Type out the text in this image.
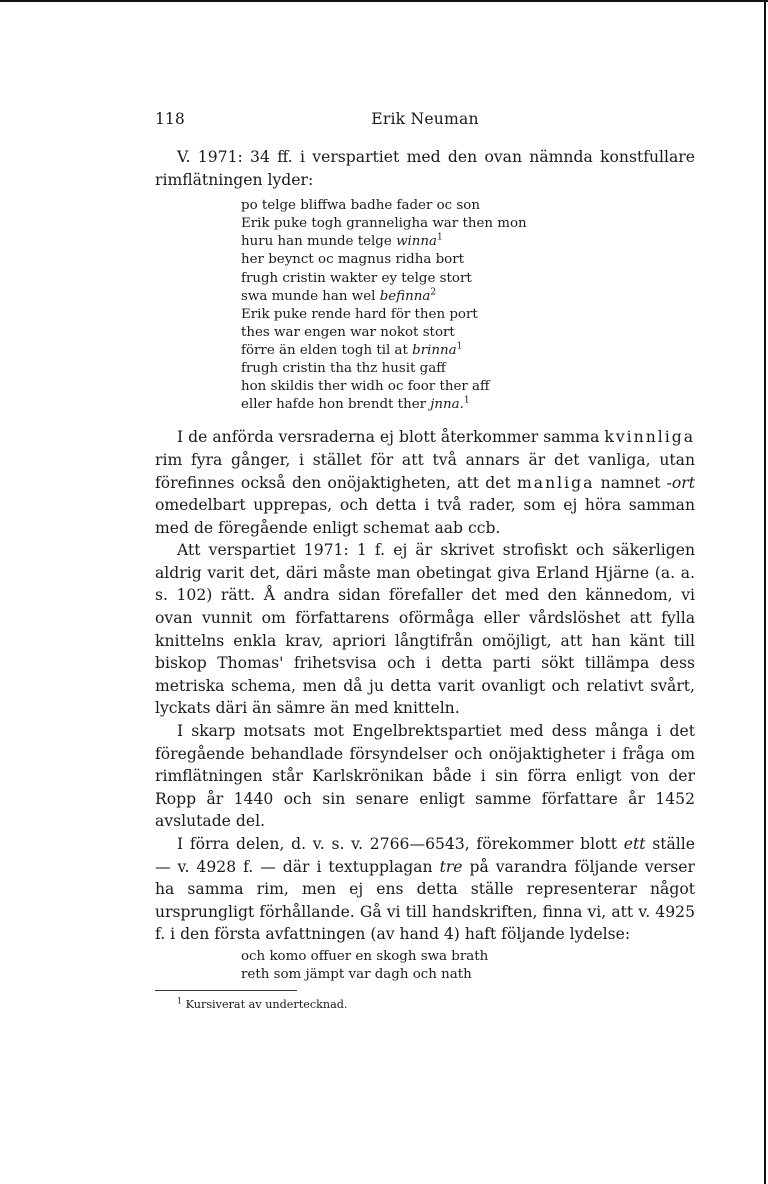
118	Erik Neuman

V. 1971: 34 ff. i verspartiet med den ovan nämnda konstfullare rimflätningen lyder:

po telge bliffwa badhe fader oc son
Erik puke togh granneligha war then mon
huru han munde telge winna$^1$
her beynct oc magnus ridha bort
frugh cristin wakter ey telge stort
swa munde han wel befinna$^2$
Erik puke rende hard för then port
thes war engen war nokot stort
förre än elden togh til at brinna$^1$
frugh cristin tha thz husit gaff
hon skildis ther widh oc foor ther aff
eller hafde hon brendt ther jnna.$^1$

I de anförda versraderna ej blott återkommer samma kvinnliga rim fyra gånger, i stället för att två annars är det vanliga, utan förefinnes också den onöjaktigheten, att det manliga namnet -ort omedelbart upprepas, och detta i två rader, som ej höra samman med de föregående enligt schemat aab ccb.

Att verspartiet 1971: 1 f. ej är skrivet strofiskt och säkerligen aldrig varit det, däri måste man obetingat giva Erland Hjärne (a. a. s. 102) rätt. Å andra sidan förefaller det med den kännedom, vi ovan vunnit om författarens oförmåga eller vårdslöshet att fylla knittelns enkla krav, apriori långtifrån omöjligt, att han känt till biskop Thomas' frihetsvisa och i detta parti sökt tillämpa dess metriska schema, men då ju detta varit ovanligt och relativt svårt, lyckats däri än sämre än med knitteln.

I skarp motsats mot Engelbrektspartiet med dess många i det föregående behandlade försyndelser och onöjaktigheter i fråga om rimflätningen står Karlskrönikan både i sin förra enligt von der Ropp år 1440 och sin senare enligt samme författare år 1452 avslutade del.

I förra delen, d. v. s. v. 2766—6543, förekommer blott ett ställe — v. 4928 f. — där i textupplagan tre på varandra följande verser ha samma rim, men ej ens detta ställe representerar något ursprungligt förhållande. Gå vi till handskriften, finna vi, att v. 4925 f. i den första avfattningen (av hand 4) haft följande lydelse:

och komo offuer en skogh swa brath
reth som jämpt var dagh och nath
$^1$ Kursiverat av undertecknad.
